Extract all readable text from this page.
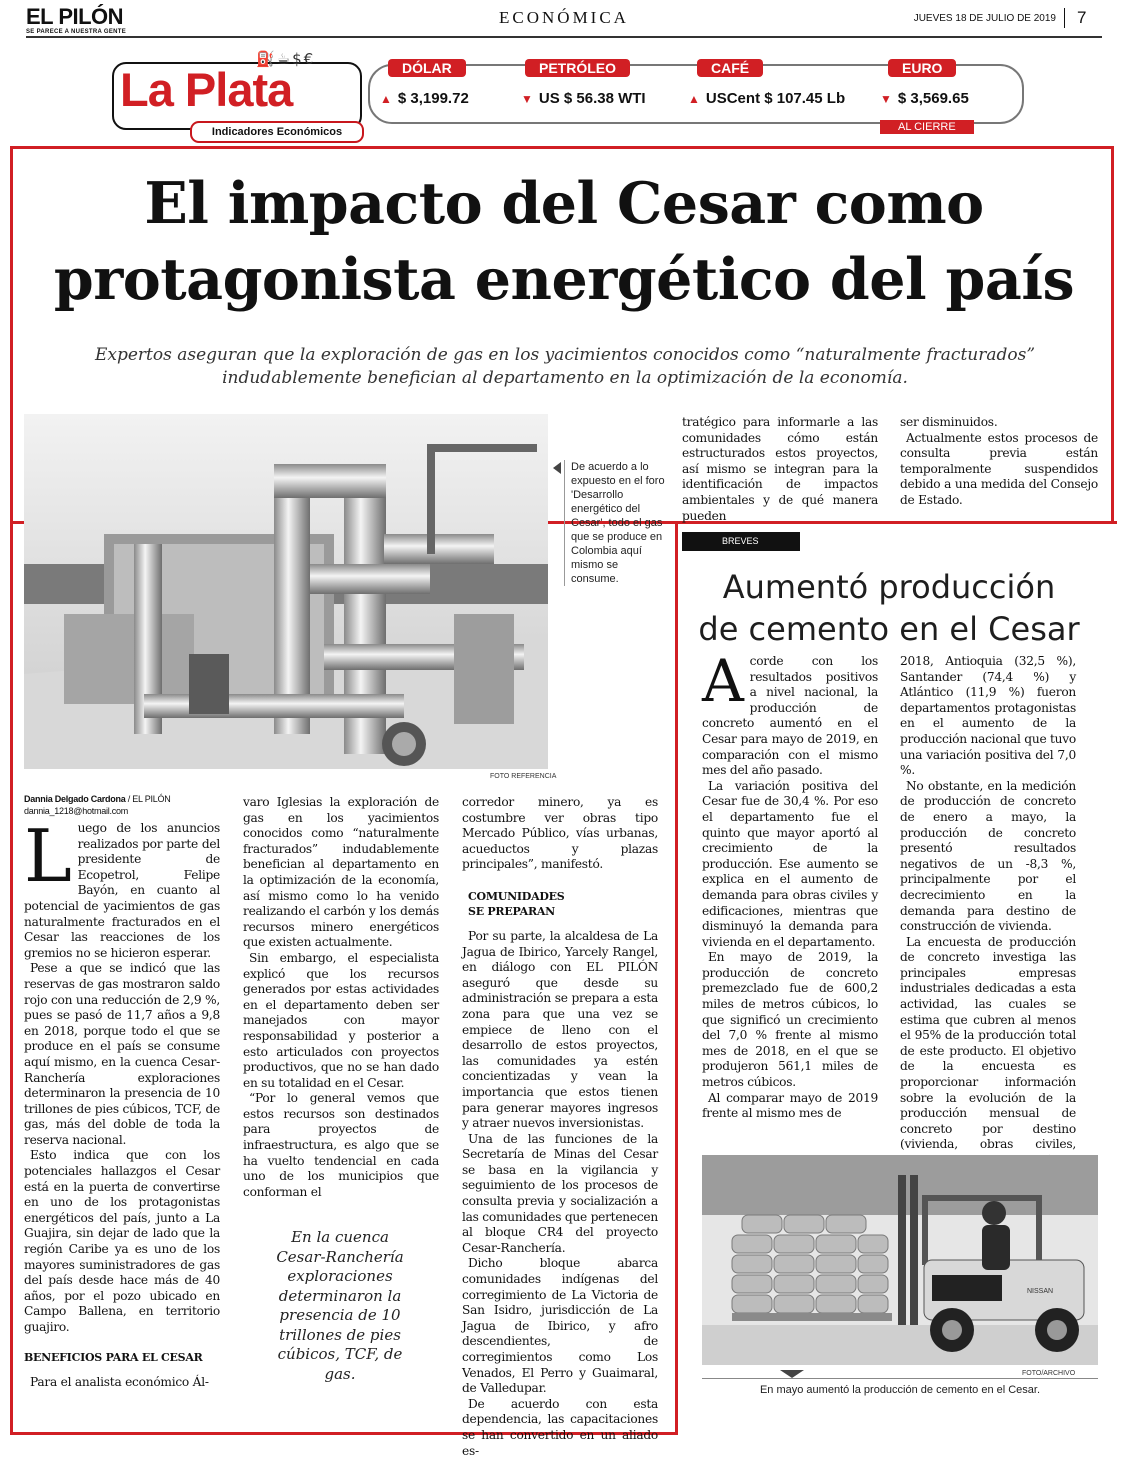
EL PILÓN
SE PARECE A NUESTRA GENTE
ECONÓMICA	JUEVES 18 DE JULIO DE 2019	7
⛽☕$€
La Plata
Indicadores Económicos
DÓLAR
▲ $ 3,199.72
PETRÓLEO
▼ US $ 56.38 WTI
CAFÉ
▲ USCent $ 107.45 Lb
EURO
▼ $ 3,569.65
AL CIERRE
El impacto del Cesar como
protagonista energético del país
Expertos aseguran que la exploración de gas en los yacimientos conocidos como “naturalmente fracturados” indudablemente benefician al departamento en la optimización de la economía.
FOTO REFERENCIA
De acuerdo a lo expuesto en el foro 'Desarrollo energético del Cesar', todo el gas que se produce en Colombia aquí mismo se consume.
Dannia Delgado Cardona / EL PILÓN
dannia_1218@hotmail.com

Luego de los anuncios realizados por parte del presidente de Ecopetrol, Felipe Bayón, en cuanto al potencial de yacimientos de gas naturalmente fracturados en el Cesar las reacciones de los gremios no se hicieron esperar.

Pese a que se indicó que las reservas de gas mostraron saldo rojo con una reducción de 2,9 %, pues se pasó de 11,7 años a 9,8 en 2018, porque todo el que se produce en el país se consume aquí mismo, en la cuenca Cesar-Ranchería exploraciones determinaron la presencia de 10 trillones de pies cúbicos, TCF, de gas, más del doble de toda la reserva nacional.

Esto indica que con los potenciales hallazgos el Cesar está en la puerta de convertirse en uno de los protagonistas energéticos del país, junto a La Guajira, sin dejar de lado que la región Caribe ya es uno de los mayores suministradores de gas del país desde hace más de 40 años, por el pozo ubicado en Campo Ballena, en territorio guajiro.

BENEFICIOS PARA EL CESAR

Para el analista económico Ál-

varo Iglesias la exploración de gas en los yacimientos conocidos como “naturalmente fracturados” indudablemente benefician al departamento en la optimización de la economía, así mismo como lo ha venido realizando el carbón y los demás recursos minero energéticos que existen actualmente.

Sin embargo, el especialista explicó que los recursos generados por estas actividades en el departamento deben ser manejados con mayor responsabilidad y posterior a esto articulados con proyectos productivos, que no se han dado en su totalidad en el Cesar.

“Por lo general vemos que estos recursos son destinados para proyectos de infraestructura, es algo que se ha vuelto tendencial en cada uno de los municipios que conforman el

En la cuenca Cesar-Ranchería exploraciones determinaron la presencia de 10 trillones de pies cúbicos, TCF, de gas.

corredor minero, ya es costumbre ver obras tipo Mercado Público, vías urbanas, acueductos y plazas principales”, manifestó.

COMUNIDADES
SE PREPARAN

Por su parte, la alcaldesa de La Jagua de Ibirico, Yarcely Rangel, en diálogo con EL PILÓN aseguró que desde su administración se prepara a esta zona para que una vez se empiece de lleno con el desarrollo de estos proyectos, las comunidades ya estén concientizadas y vean la importancia que estos tienen para generar mayores ingresos y atraer nuevos inversionistas.

Una de las funciones de la Secretaría de Minas del Cesar se basa en la vigilancia y seguimiento de los procesos de consulta previa y socialización a las comunidades que pertenecen al bloque CR4 del proyecto Cesar-Ranchería.

Dicho bloque abarca comunidades indígenas del corregimiento de La Victoria de San Isidro, jurisdicción de La Jagua de Ibirico, y afro descendientes, de corregimientos como Los Venados, El Perro y Guaimaral, de Valledupar.

De acuerdo con esta dependencia, las capacitaciones se han convertido en un aliado es-

tratégico para informarle a las comunidades cómo están estructurados estos proyectos, así mismo se integran para la identificación de impactos ambientales y de qué manera pueden

ser disminuidos.

Actualmente estos procesos de consulta previa están temporalmente suspendidos debido a una medida del Consejo de Estado.

BREVES
Aumentó producción
de cemento en el Cesar

Acorde con los resultados positivos a nivel nacional, la producción de concreto aumentó en el Cesar para mayo de 2019, en comparación con el mismo mes del año pasado.

La variación positiva del Cesar fue de 30,4 %. Por eso el departamento fue el quinto que mayor aportó al crecimiento de la producción. Ese aumento se explica en el aumento de demanda para obras civiles y edificaciones, mientras que disminuyó la demanda para vivienda en el departamento.

En mayo de 2019, la producción de concreto premezclado fue de 600,2 miles de metros cúbicos, lo que significó un crecimiento del 7,0 % frente al mismo mes de 2018, en el que se produjeron 561,1 miles de metros cúbicos.

Al comparar mayo de 2019 frente al mismo mes de

2018, Antioquia (32,5 %), Santander (74,4 %) y Atlántico (11,9 %) fueron departamentos protagonistas en el aumento de la producción nacional que tuvo una variación positiva del 7,0 %.

No obstante, en la medición de producción de concreto de enero a mayo, la producción de concreto presentó resultados negativos de un -8,3 %, principalmente por el decrecimiento en la demanda para destino de construcción de vivienda.

La encuesta de producción de concreto investiga las principales empresas industriales dedicadas a esta actividad, las cuales se estima que cubren al menos el 95% de la producción total de este producto. El objetivo de la encuesta es proporcionar información sobre la evolución de la producción mensual de concreto por destino (vivienda, obras civiles,

NISSAN
FOTO/ARCHIVO
En mayo aumentó la producción de cemento en el Cesar.
